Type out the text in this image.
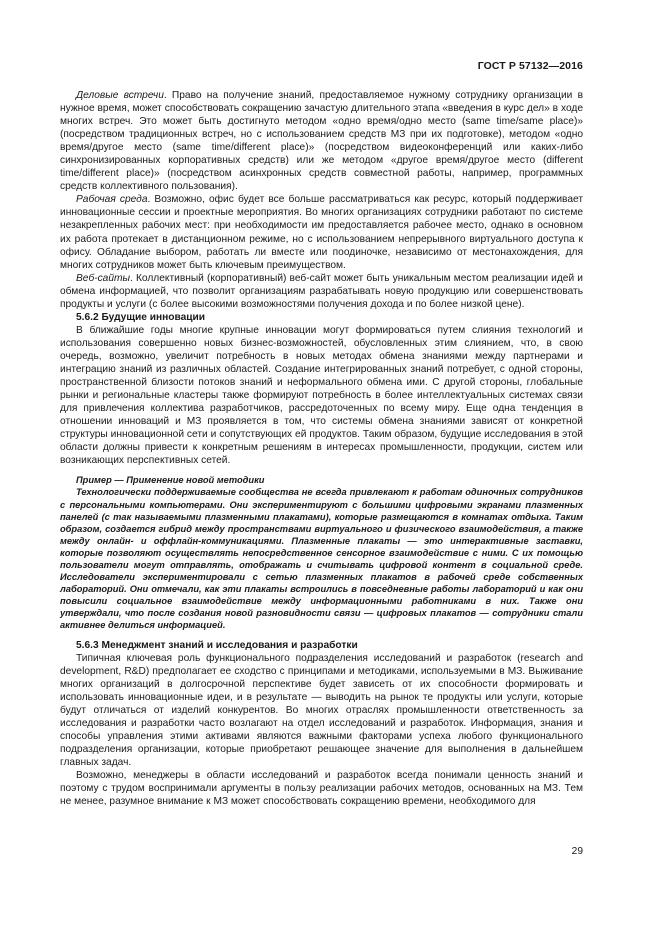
ГОСТ Р 57132—2016

Деловые встречи. Право на получение знаний, предоставляемое нужному сотруднику организации в нужное время, может способствовать сокращению зачастую длительного этапа «введения в курс дел» в ходе многих встреч. Это может быть достигнуто методом «одно время/одно место (same time/same place)» (посредством традиционных встреч, но с использованием средств МЗ при их подготовке), методом «одно время/другое место (same time/different place)» (посредством видеоконференций или каких-либо синхронизированных корпоративных средств) или же методом «другое время/другое место (different time/different place)» (посредством асинхронных средств совместной работы, например, программных средств коллективного пользования).

Рабочая среда. Возможно, офис будет все больше рассматриваться как ресурс, который поддерживает инновационные сессии и проектные мероприятия. Во многих организациях сотрудники работают по системе незакрепленных рабочих мест: при необходимости им предоставляется рабочее место, однако в основном их работа протекает в дистанционном режиме, но с использованием непрерывного виртуального доступа к офису. Обладание выбором, работать ли вместе или поодиночке, независимо от местонахождения, для многих сотрудников может быть ключевым преимуществом.

Веб-сайты. Коллективный (корпоративный) веб-сайт может быть уникальным местом реализации идей и обмена информацией, что позволит организациям разрабатывать новую продукцию или совершенствовать продукты и услуги (с более высокими возможностями получения дохода и по более низкой цене).

5.6.2 Будущие инновации

В ближайшие годы многие крупные инновации могут формироваться путем слияния технологий и использования совершенно новых бизнес-возможностей, обусловленных этим слиянием, что, в свою очередь, возможно, увеличит потребность в новых методах обмена знаниями между партнерами и интеграцию знаний из различных областей. Создание интегрированных знаний потребует, с одной стороны, пространственной близости потоков знаний и неформального обмена ими. С другой стороны, глобальные рынки и региональные кластеры также формируют потребность в более интеллектуальных системах связи для привлечения коллектива разработчиков, рассредоточенных по всему миру. Еще одна тенденция в отношении инноваций и МЗ проявляется в том, что системы обмена знаниями зависят от конкретной структуры инновационной сети и сопутствующих ей продуктов. Таким образом, будущие исследования в этой области должны привести к конкретным решениям в интересах промышленности, продукции, систем или возникающих перспективных сетей.

Пример — Применение новой методики

Технологически поддерживаемые сообщества не всегда привлекают к работам одиночных сотрудников с персональными компьютерами. Они экспериментируют с большими цифровыми экранами плазменных панелей (с так называемыми плазменными плакатами), которые размещаются в комнатах отдыха. Таким образом, создается гибрид между пространствами виртуального и физического взаимодействия, а также между онлайн- и оффлайн-коммуникациями. Плазменные плакаты — это интерактивные заставки, которые позволяют осуществлять непосредственное сенсорное взаимодействие с ними. С их помощью пользователи могут отправлять, отображать и считывать цифровой контент в социальной среде. Исследователи экспериментировали с сетью плазменных плакатов в рабочей среде собственных лабораторий. Они отмечали, как эти плакаты встроились в повседневные работы лабораторий и как они повысили социальное взаимодействие между информационными работниками в них. Также они утверждали, что после создания новой разновидности связи — цифровых плакатов — сотрудники стали активнее делиться информацией.

5.6.3 Менеджмент знаний и исследования и разработки

Типичная ключевая роль функционального подразделения исследований и разработок (research and development, R&D) предполагает ее сходство с принципами и методиками, используемыми в МЗ. Выживание многих организаций в долгосрочной перспективе будет зависеть от их способности формировать и использовать инновационные идеи, и в результате — выводить на рынок те продукты или услуги, которые будут отличаться от изделий конкурентов. Во многих отраслях промышленности ответственность за исследования и разработки часто возлагают на отдел исследований и разработок. Информация, знания и способы управления этими активами являются важными факторами успеха любого функционального подразделения организации, которые приобретают решающее значение для выполнения в дальнейшем главных задач.

Возможно, менеджеры в области исследований и разработок всегда понимали ценность знаний и поэтому с трудом воспринимали аргументы в пользу реализации рабочих методов, основанных на МЗ. Тем не менее, разумное внимание к МЗ может способствовать сокращению времени, необходимого для

29
